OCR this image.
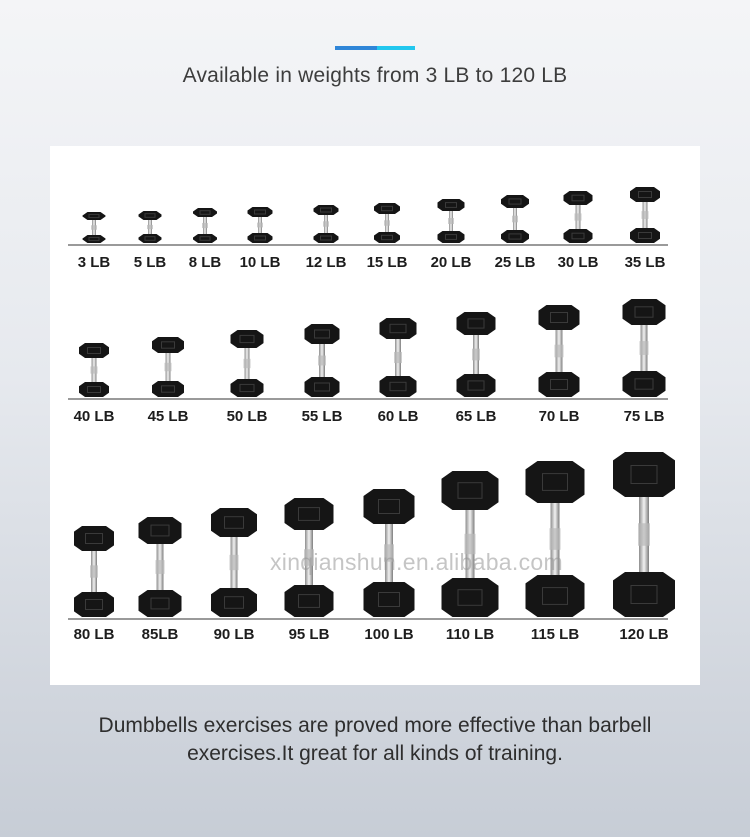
Available in weights from 3 LB to 120 LB
3 LB	5 LB	8 LB	10 LB	12 LB	15 LB	20 LB	25 LB	30 LB	35 LB
40 LB	45 LB	50 LB	55 LB	60 LB	65 LB	70 LB	75 LB
80 LB	85LB	90 LB	95 LB	100 LB	110 LB	115 LB	120 LB
xinqianshun.en.alibaba.com
Dumbbells exercises are proved more effective than barbell
exercises.It great for all kinds of training.
